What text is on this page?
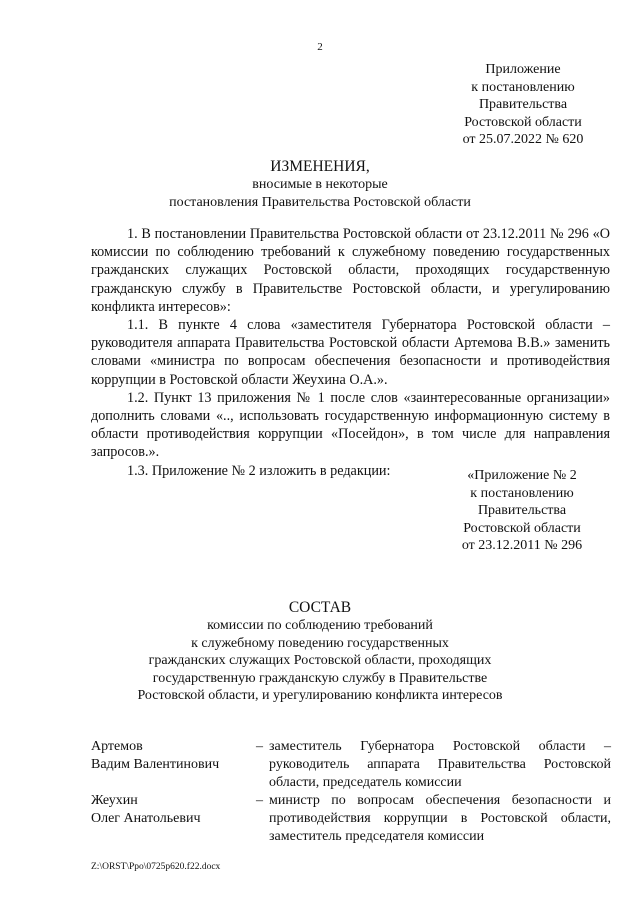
2
Приложение
к постановлению
Правительства
Ростовской области
от 25.07.2022 № 620
ИЗМЕНЕНИЯ,
вносимые в некоторые
постановления Правительства Ростовской области

1. В постановлении Правительства Ростовской области от 23.12.2011 № 296 «О комиссии по соблюдению требований к служебному поведению государственных гражданских служащих Ростовской области, проходящих государственную гражданскую службу в Правительстве Ростовской области, и урегулированию конфликта интересов»:

1.1. В пункте 4 слова «заместителя Губернатора Ростовской области – руководителя аппарата Правительства Ростовской области Артемова В.В.» заменить словами «министра по вопросам обеспечения безопасности и противодействия коррупции в Ростовской области Жеухина О.А.».

1.2. Пункт 13 приложения № 1 после слов «заинтересованные организации» дополнить словами «.., использовать государственную информационную систему в области противодействия коррупции «Посейдон», в том числе для направления запросов.».

1.3. Приложение № 2 изложить в редакции:	«Приложение № 2
к постановлению
Правительства
Ростовской области
от 23.12.2011 № 296
СОСТАВ
комиссии по соблюдению требований
к служебному поведению государственных
гражданских служащих Ростовской области, проходящих
государственную гражданскую службу в Правительстве
Ростовской области, и урегулированию конфликта интересов
Артемов
Вадим Валентинович
– заместитель Губернатора Ростовской области – руководитель аппарата Правительства Ростовской области, председатель комиссии
Жеухин
Олег Анатольевич
– министр по вопросам обеспечения безопасности и противодействия коррупции в Ростовской области, заместитель председателя комиссии
Z:\ORST\Ppo\0725p620.f22.docx
